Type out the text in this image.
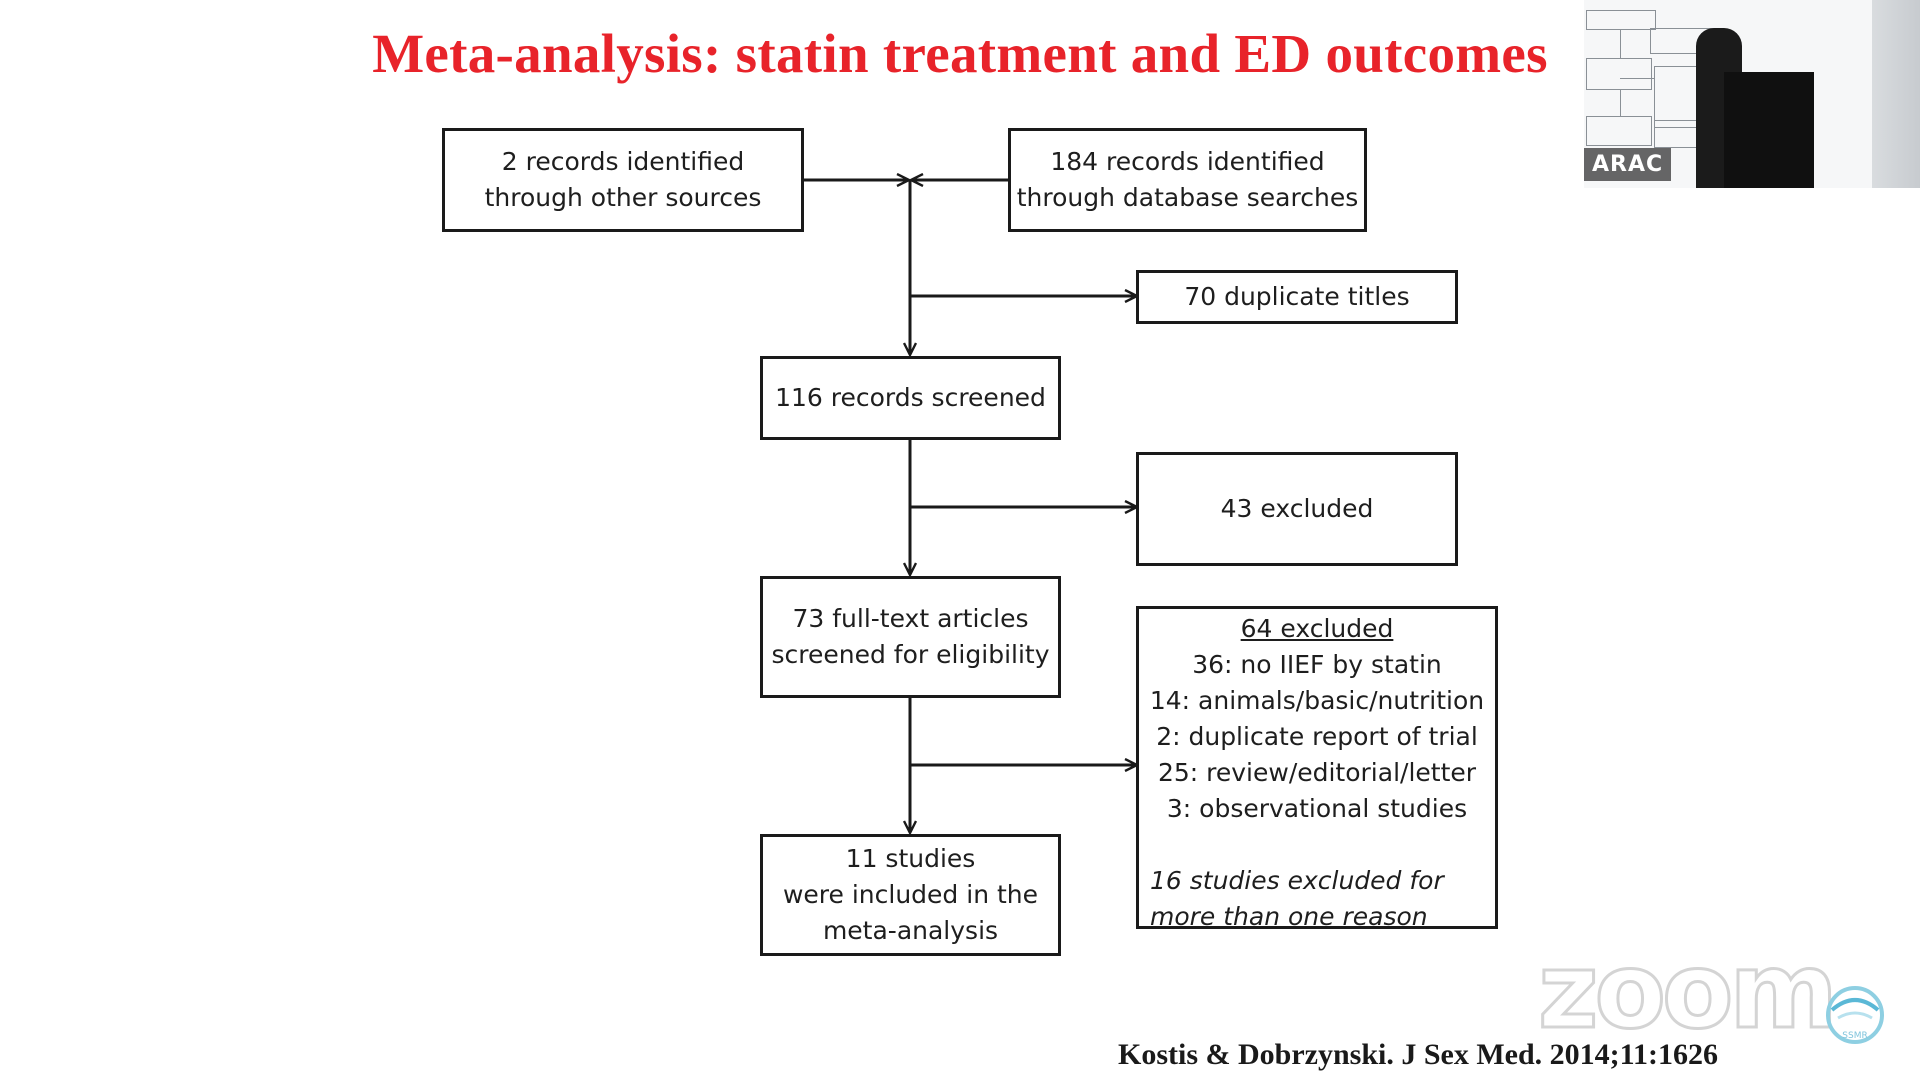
Meta-analysis: statin treatment and ED outcomes
2 records identified
through other sources
184 records identified
through database searches
70 duplicate titles
116 records screened
43 excluded
73 full-text articles
screened for eligibility
11 studies
were included in the
meta-analysis
64 excluded
36: no IIEF by statin
14: animals/basic/nutrition
2: duplicate report of trial
25: review/editorial/letter
3: observational studies
16 studies excluded for
more than one reason
Kostis & Dobrzynski. J Sex Med. 2014;11:1626
ARAC
zoom SSMR
